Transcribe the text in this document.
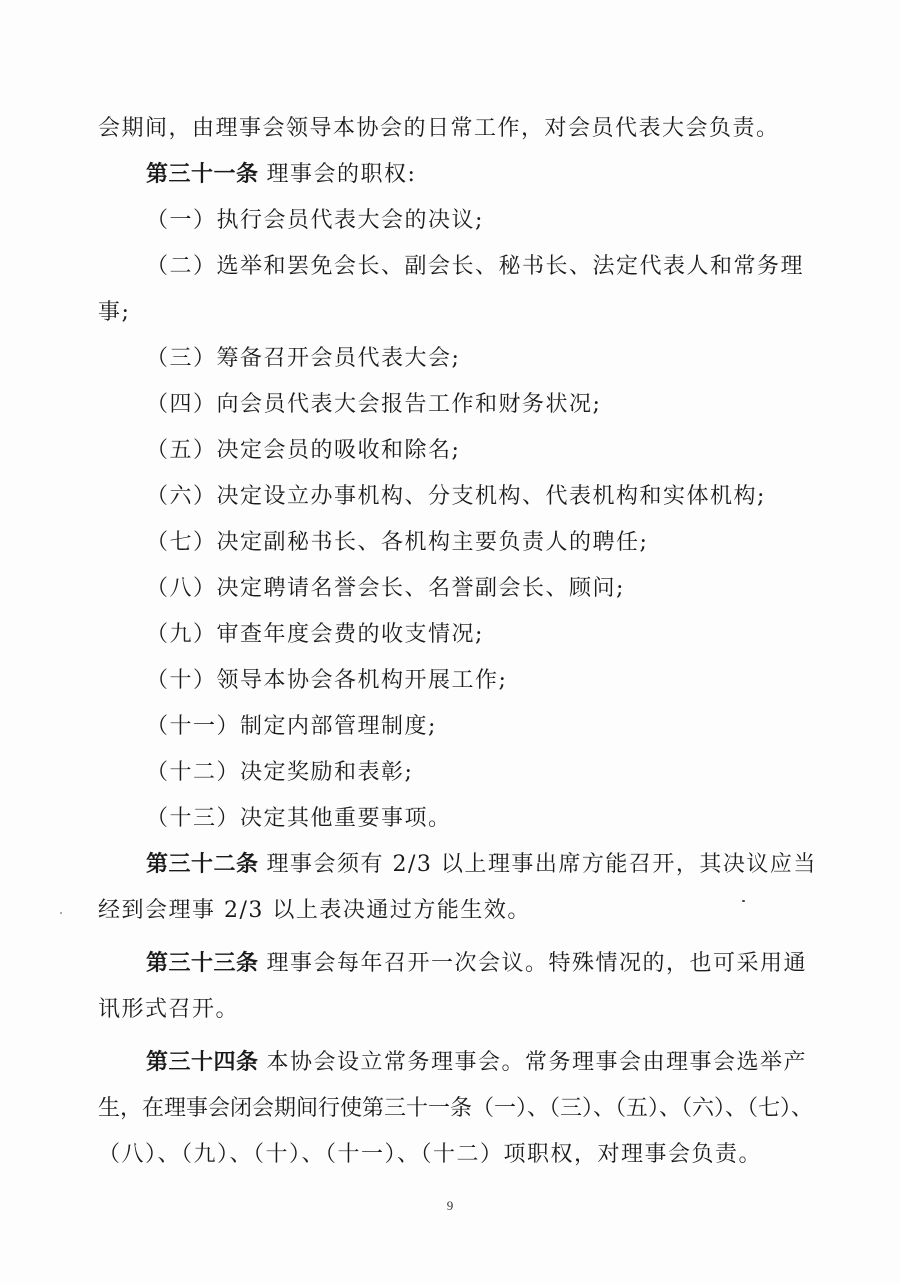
会期间，由理事会领导本协会的日常工作，对会员代表大会负责。
第三十一条 理事会的职权:
（一）执行会员代表大会的决议;
（二）选举和罢免会长、副会长、秘书长、法定代表人和常务理
事;
（三）筹备召开会员代表大会;
（四）向会员代表大会报告工作和财务状况;
（五）决定会员的吸收和除名;
（六）决定设立办事机构、分支机构、代表机构和实体机构;
（七）决定副秘书长、各机构主要负责人的聘任;
（八）决定聘请名誉会长、名誉副会长、顾问;
（九）审查年度会费的收支情况;
（十）领导本协会各机构开展工作;
（十一）制定内部管理制度;
（十二）决定奖励和表彰;
（十三）决定其他重要事项。
第三十二条 理事会须有 2/3 以上理事出席方能召开，其决议应当
经到会理事 2/3 以上表决通过方能生效。
第三十三条 理事会每年召开一次会议。特殊情况的，也可采用通
讯形式召开。
第三十四条 本协会设立常务理事会。常务理事会由理事会选举产
生，在理事会闭会期间行使第三十一条（一）、（三）、（五）、（六）、（七）、
（八）、（九）、（十）、（十一）、（十二）项职权，对理事会负责。
9
